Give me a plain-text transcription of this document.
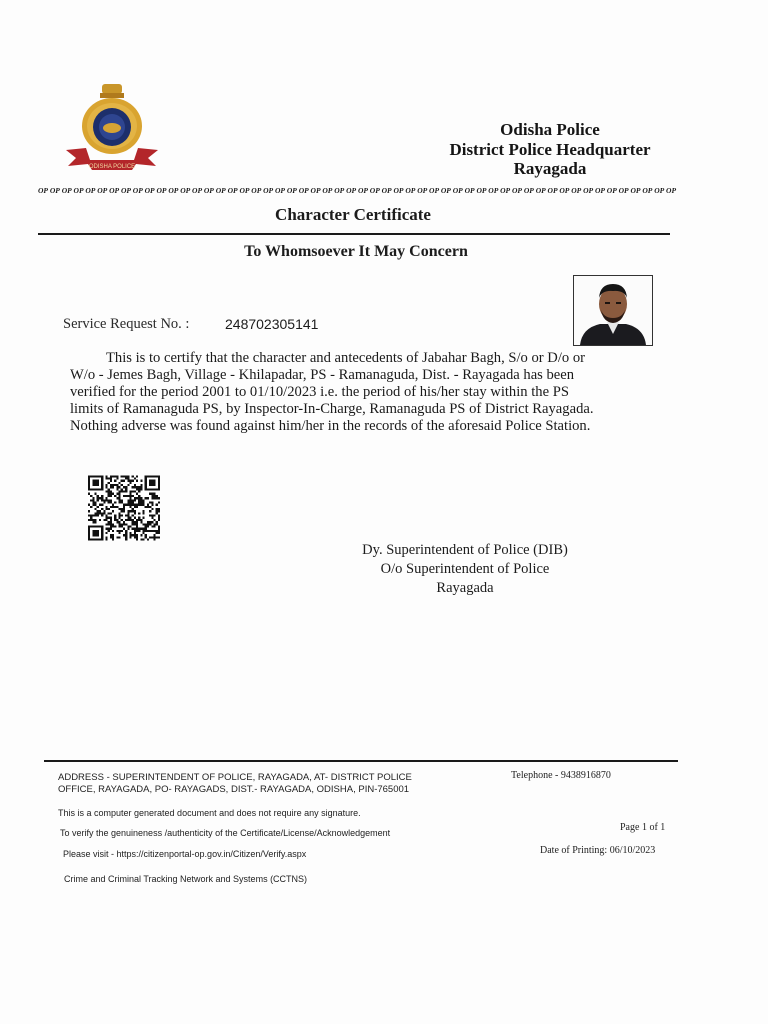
ODISHA POLICE
Odisha Police
District Police Headquarter
Rayagada
OP OP OP OP OP OP OP OP OP OP OP OP OP OP OP OP OP OP OP OP OP OP OP OP OP OP OP OP OP OP OP OP OP OP OP OP OP OP OP OP OP OP OP OP OP OP OP OP OP OP OP OP OP OP
Character Certificate
To Whomsoever It May Concern
Service Request No. :	248702305141
This is to certify that the character and antecedents of Jabahar Bagh, S/o or D/o or
W/o - Jemes Bagh, Village - Khilapadar, PS - Ramanaguda, Dist. - Rayagada has been
verified for the period 2001 to 01/10/2023 i.e. the period of his/her stay within the PS
limits of Ramanaguda PS, by Inspector-In-Charge, Ramanaguda PS of District Rayagada.
Nothing adverse was found against him/her in the records of the aforesaid Police Station.
Dy. Superintendent of Police (DIB)
O/o Superintendent of Police
Rayagada
ADDRESS - SUPERINTENDENT OF POLICE, RAYAGADA, AT- DISTRICT POLICE
OFFICE, RAYAGADA, PO- RAYAGADS, DIST.- RAYAGADA, ODISHA, PIN-765001
Telephone - 9438916870
This is a computer generated document and does not require any signature.
To verify the genuineness /authenticity of the Certificate/License/Acknowledgement	Page 1 of 1
Please visit - https://citizenportal-op.gov.in/Citizen/Verify.aspx	Date of Printing: 06/10/2023
Crime and Criminal Tracking Network and Systems (CCTNS)
